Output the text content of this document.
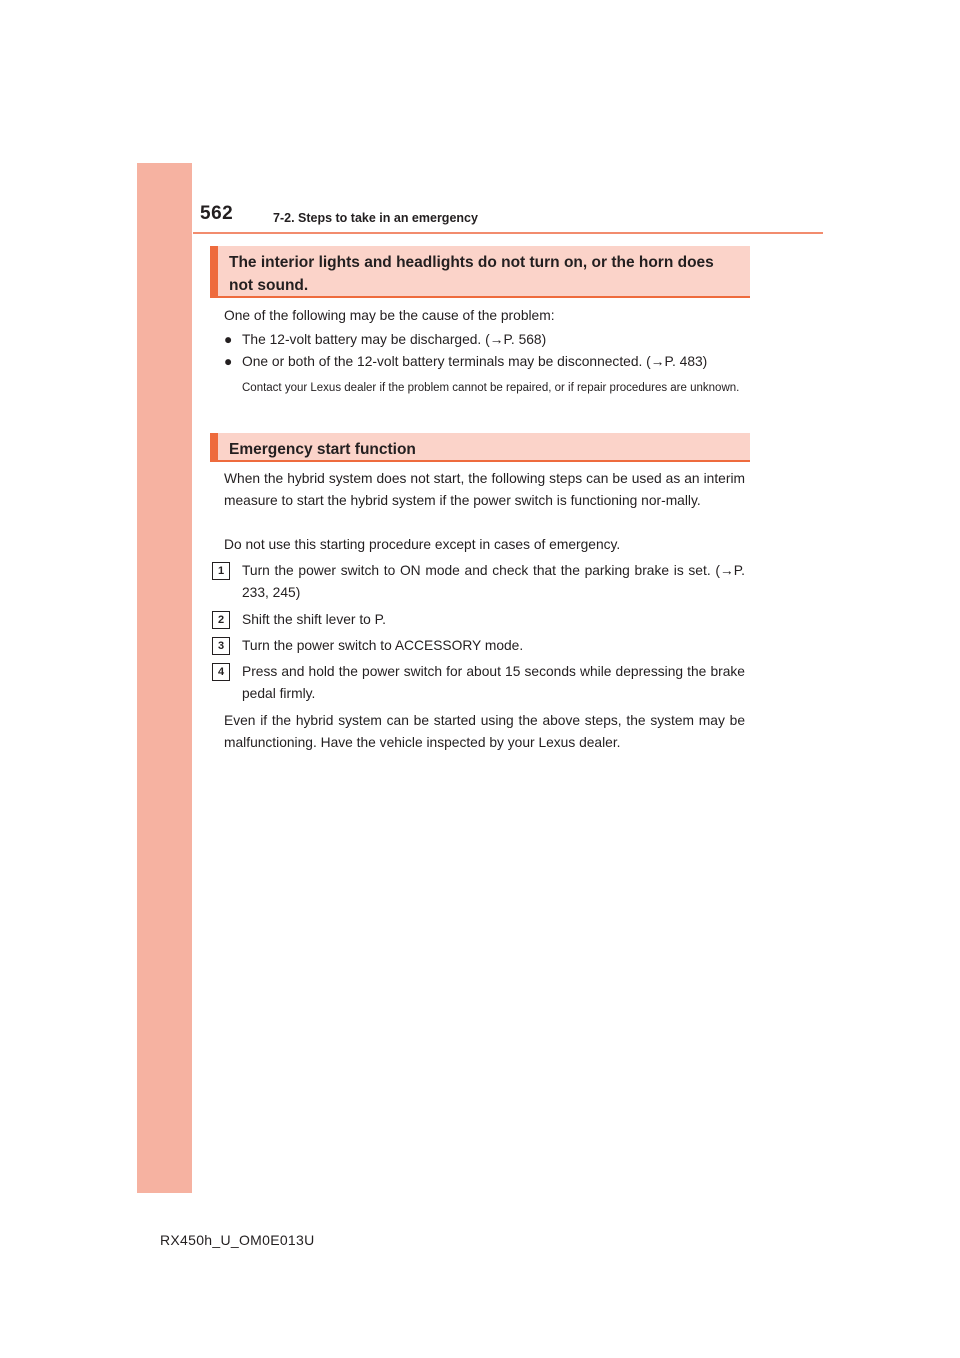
562	7-2. Steps to take in an emergency
The interior lights and headlights do not turn on, or the horn does not sound.
One of the following may be the cause of the problem:
● The 12-volt battery may be discharged. (→P. 568)
● One or both of the 12-volt battery terminals may be disconnected. (→P. 483)
Contact your Lexus dealer if the problem cannot be repaired, or if repair procedures are unknown.
Emergency start function
When the hybrid system does not start, the following steps can be used as an interim measure to start the hybrid system if the power switch is functioning nor-mally.
Do not use this starting procedure except in cases of emergency.
1	Turn the power switch to ON mode and check that the parking brake is set. (→P. 233, 245)
2	Shift the shift lever to P.
3	Turn the power switch to ACCESSORY mode.
4	Press and hold the power switch for about 15 seconds while depressing the brake pedal firmly.
Even if the hybrid system can be started using the above steps, the system may be malfunctioning. Have the vehicle inspected by your Lexus dealer.
RX450h_U_OM0E013U
